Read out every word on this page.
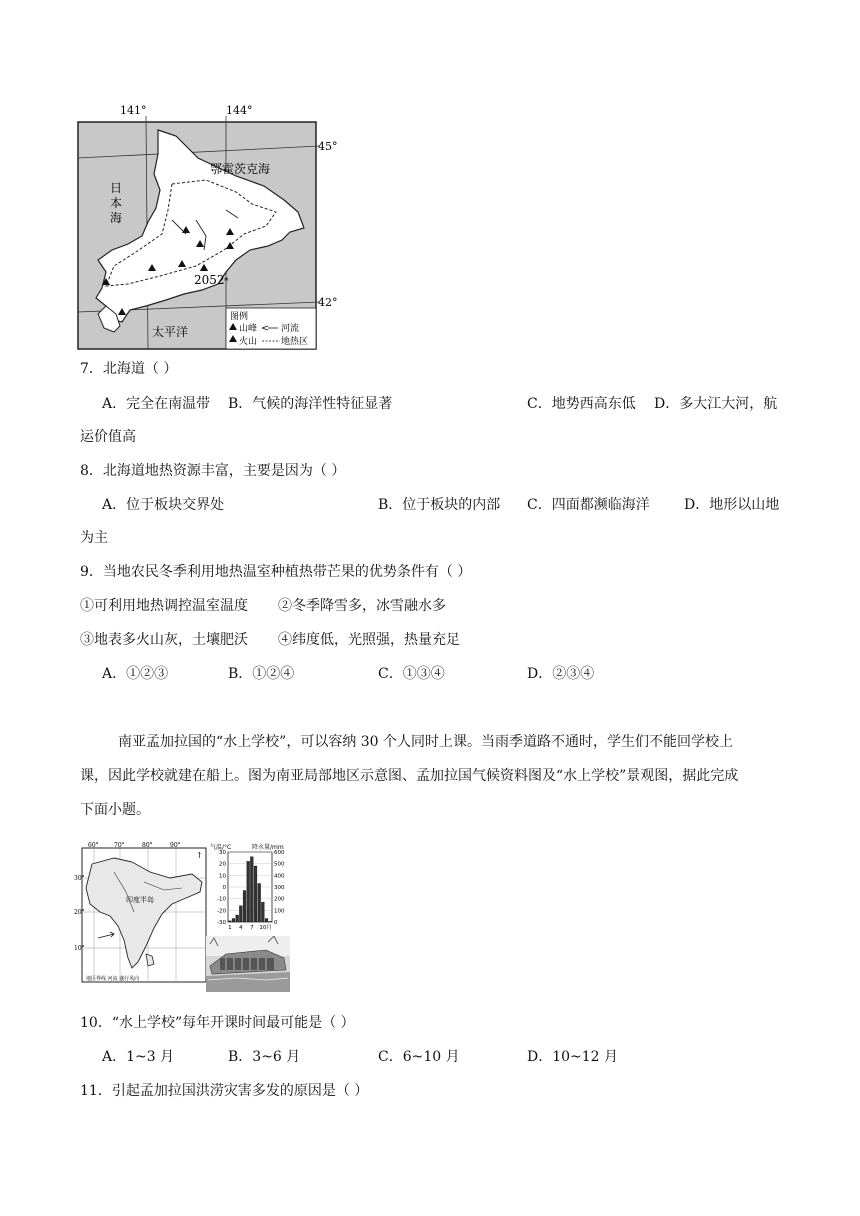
141°	144°
45°
42°
鄂霍茨克海
日
本
海
太平洋
2052 *
图例
山峰	河流
火山	地热区
7．北海道（ ）
A．完全在南温带 B．气候的海洋性特征显著	C．地势西高东低 D．多大江大河，航
运价值高
8．北海道地热资源丰富，主要是因为（ ）
A．位于板块交界处	B．位于板块的内部 C．四面都濒临海洋 D．地形以山地
为主
9．当地农民冬季利用地热温室种植热带芒果的优势条件有（ ）
①可利用地热调控温室温度 ②冬季降雪多，冰雪融水多
③地表多火山灰，土壤肥沃 ④纬度低，光照强，热量充足
A．①②③	B．①②④	C．①③④	D．②③④
南亚孟加拉国的“水上学校”，可以容纳 30 个人同时上课。当雨季道路不通时，学生们不能回学校上
课，因此学校就建在船上。图为南亚局部地区示意图、孟加拉国气候资料图及“水上学校”景观图，据此完成
下面小题。
60°	70°	80°	90°
30°
20°
10°
印度半岛
↑
地区界线 河流 盛行风向
气温/°C	降水量/mm
30
20
10
0
-10
-20
-30
600
500
400
300
200
100
0
1 4 7 10 月
10．“水上学校”每年开课时间最可能是（ ）
A．1~3 月	B．3~6 月	C．6~10 月	D．10~12 月
11．引起孟加拉国洪涝灾害多发的原因是（ ）
